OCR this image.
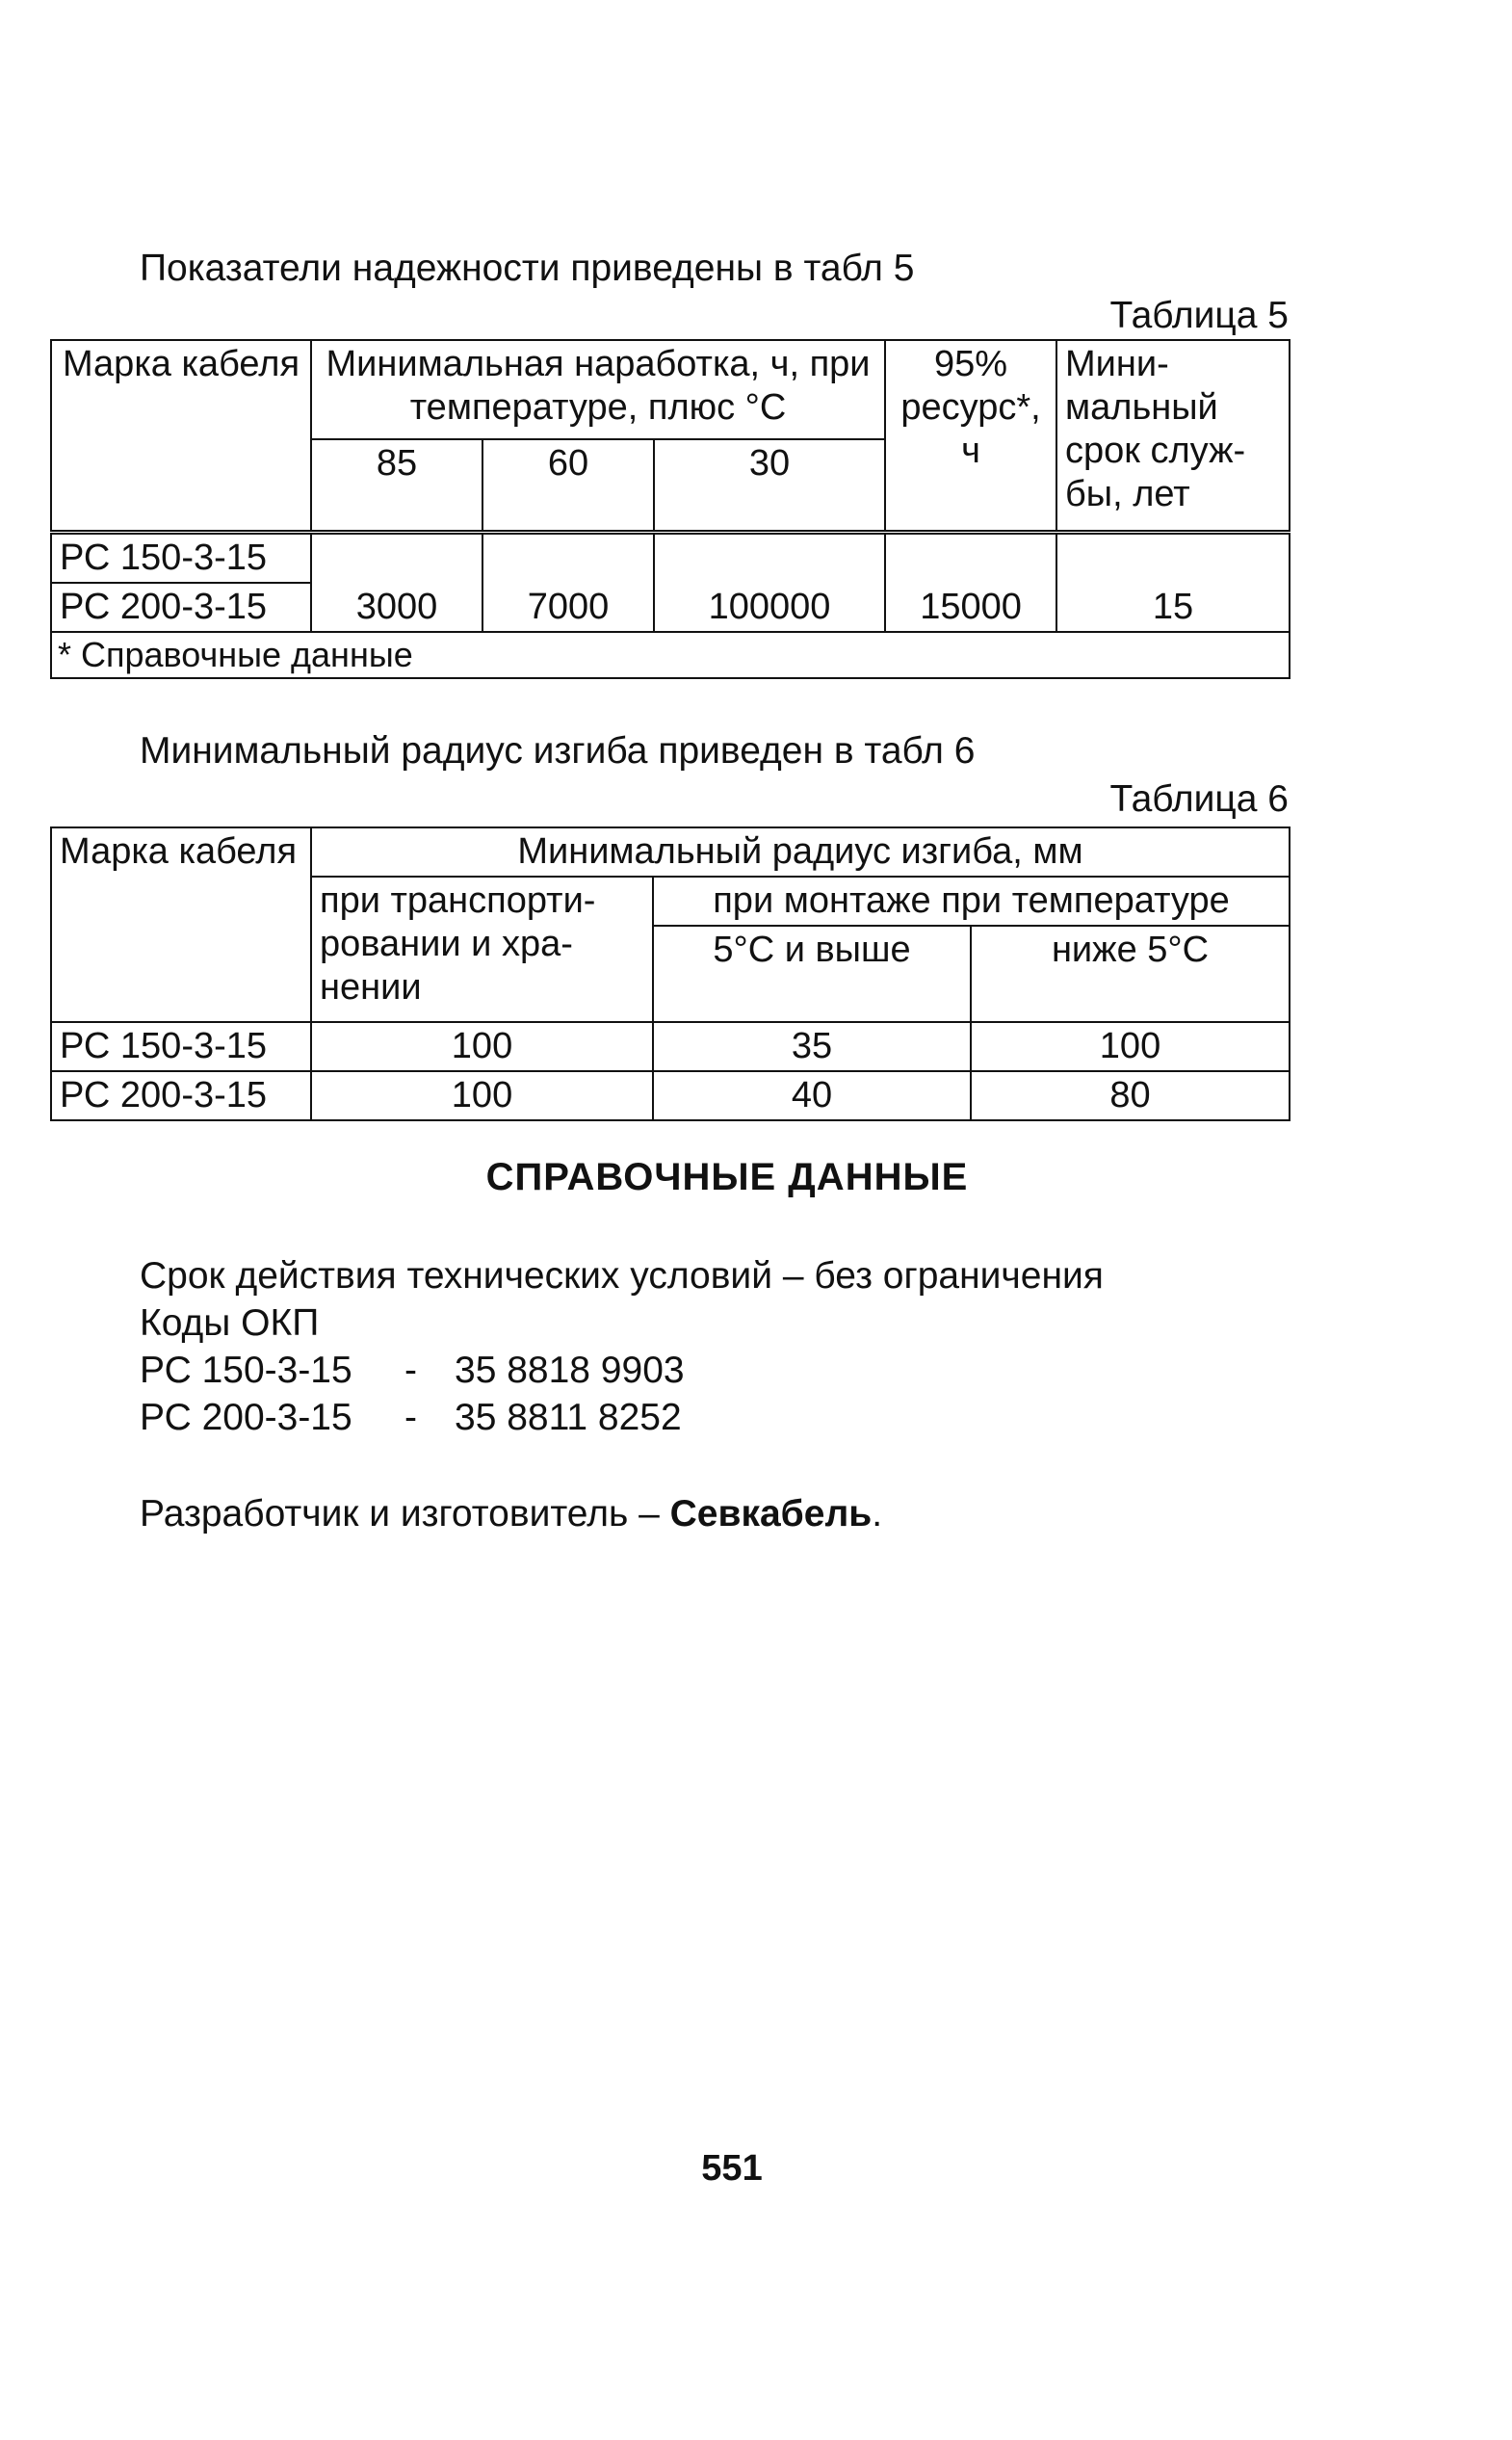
Показатели надежности приведены в табл 5

Таблица 5

Марка кабеля	Минимальная наработка, ч, при температуре, плюс °С			95% ресурс*, ч	Мини-мальный срок служ-бы, лет
	85	60	30		
РС 150-3-15	3000	7000	100000	15000	15
РС 200-3-15					
* Справочные данные					

Минимальный радиус изгиба приведен в табл 6

Таблица 6

Марка кабеля	Минимальный радиус изгиба, мм		
	при транспорти-ровании и хра-нении	при монтаже при температуре	
		5°С и выше	ниже 5°С
РС 150-3-15	100	35	100
РС 200-3-15	100	40	80
СПРАВОЧНЫЕ ДАННЫЕ
Срок действия технических условий – без ограничения
Коды ОКП
РС 150-3-15	-	35 8818 9903
РС 200-3-15	-	35 8811 8252

Разработчик и изготовитель – Севкабель.

551
